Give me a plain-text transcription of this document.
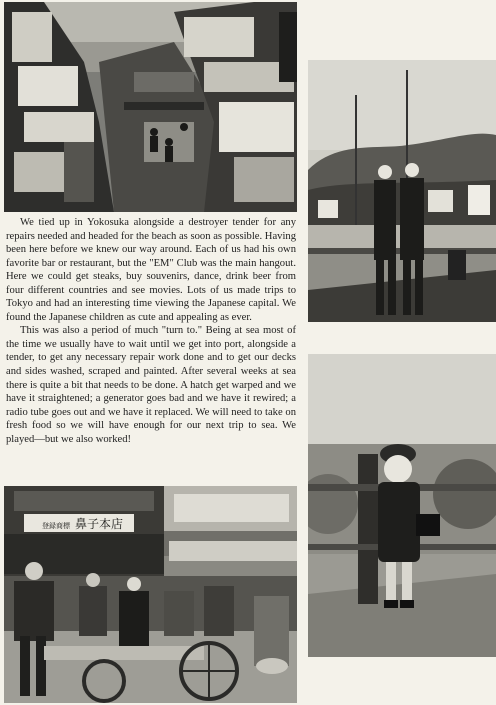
We tied up in Yokosuka alongside a destroyer tender for any repairs needed and headed for the beach as soon as possible. Having been here before we knew our way around. Each of us had his own favorite bar or restaurant, but the "EM" Club was the main hangout. Here we could get steaks, buy souvenirs, dance, drink beer from four different countries and see movies. Lots of us made trips to Tokyo and had an interesting time viewing the Japanese capital. We found the Japanese children as cute and appealing as ever.

This was also a period of much "turn to." Being at sea most of the time we usually have to wait until we get into port, alongside a tender, to get any necessary repair work done and to get our decks and sides washed, scraped and painted. After several weeks at sea there is quite a bit that needs to be done. A hatch get warped and we have it straightened; a generator goes bad and we have it rewired; a radio tube goes out and we have it replaced. We will need to take on fresh food so we will have enough for our next trip to sea. We played—but we also worked!

鼻子本店
登録商標
